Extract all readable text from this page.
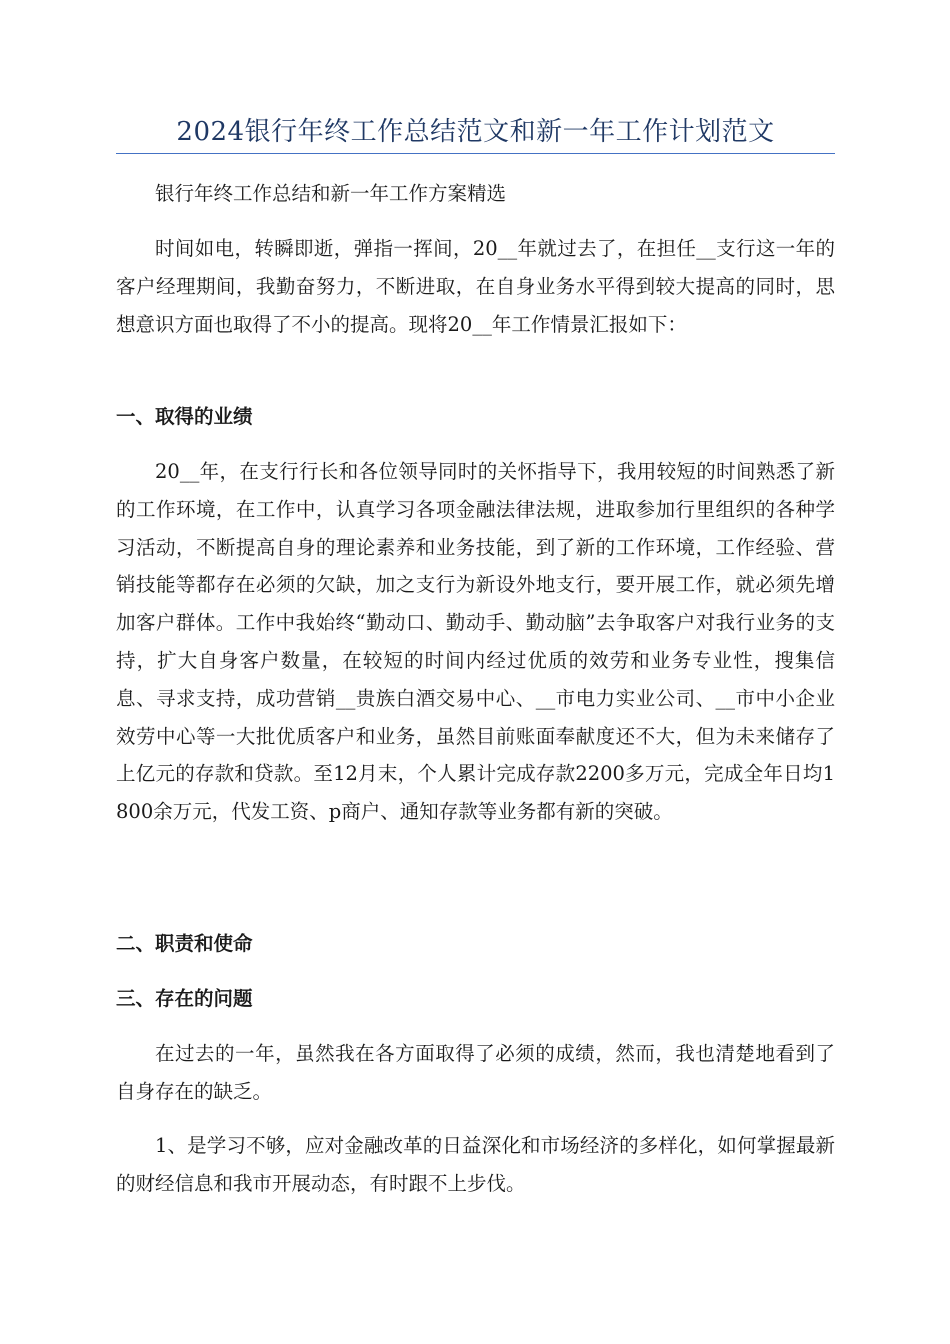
2024银行年终工作总结范文和新一年工作计划范文

银行年终工作总结和新一年工作方案精选

时间如电，转瞬即逝，弹指一挥间，20__年就过去了，在担任__支行这一年的客户经理期间，我勤奋努力，不断进取，在自身业务水平得到较大提高的同时，思想意识方面也取得了不小的提高。现将20__年工作情景汇报如下：

一、取得的业绩

20__年，在支行行长和各位领导同时的关怀指导下，我用较短的时间熟悉了新的工作环境，在工作中，认真学习各项金融法律法规，进取参加行里组织的各种学习活动，不断提高自身的理论素养和业务技能，到了新的工作环境，工作经验、营销技能等都存在必须的欠缺，加之支行为新设外地支行，要开展工作，就必须先增加客户群体。工作中我始终“勤动口、勤动手、勤动脑”去争取客户对我行业务的支持，扩大自身客户数量，在较短的时间内经过优质的效劳和业务专业性，搜集信息、寻求支持，成功营销__贵族白酒交易中心、__市电力实业公司、__市中小企业效劳中心等一大批优质客户和业务，虽然目前账面奉献度还不大，但为未来储存了上亿元的存款和贷款。至12月末，个人累计完成存款2200多万元，完成全年日均1800余万元，代发工资、p商户、通知存款等业务都有新的突破。

二、职责和使命

三、存在的问题

在过去的一年，虽然我在各方面取得了必须的成绩，然而，我也清楚地看到了自身存在的缺乏。

1、是学习不够，应对金融改革的日益深化和市场经济的多样化，如何掌握最新的财经信息和我市开展动态，有时跟不上步伐。
